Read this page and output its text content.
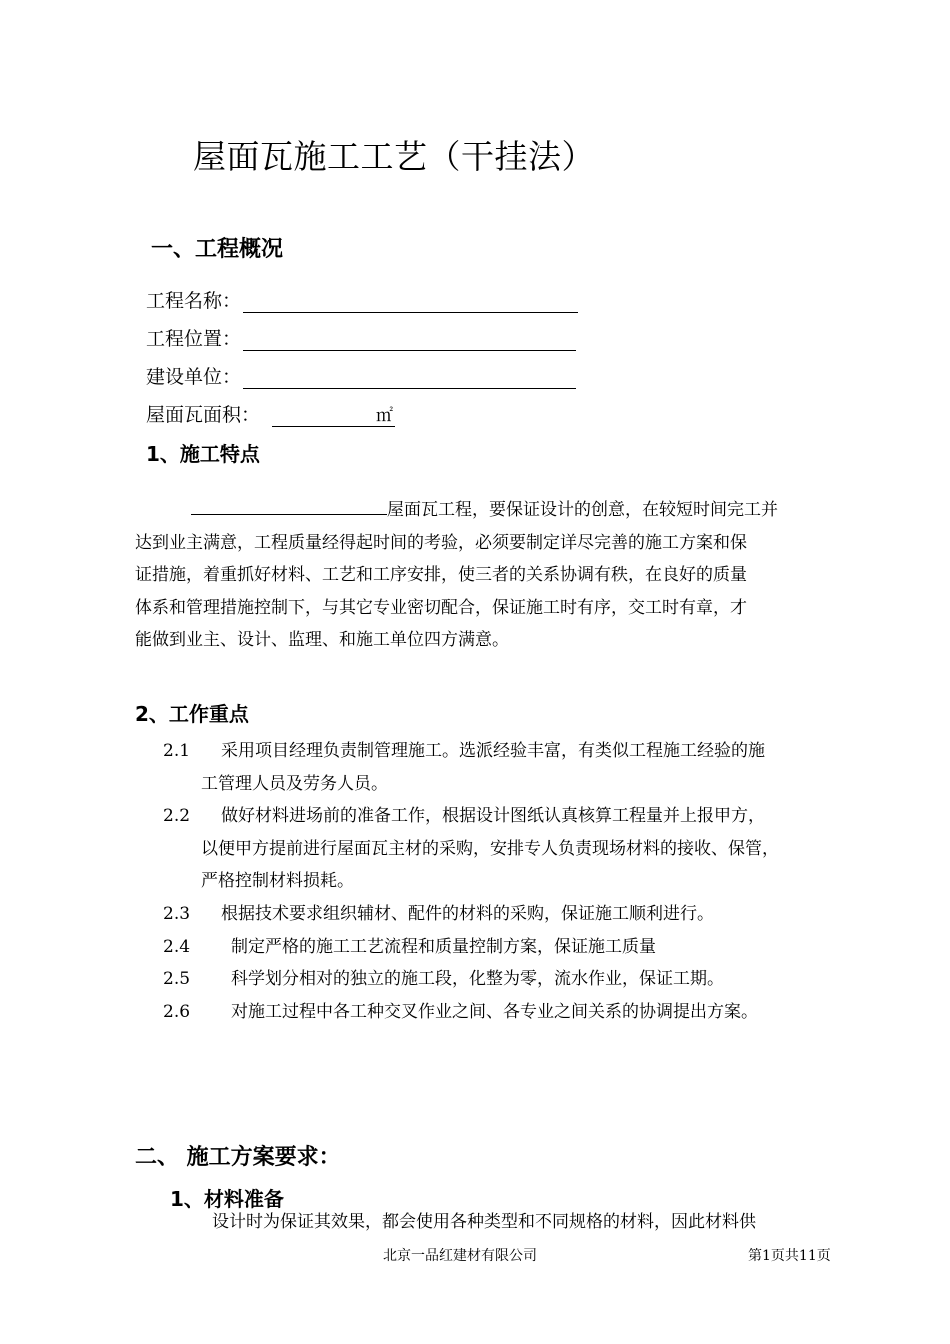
屋面瓦施工工艺（干挂法）
一、工程概况
工程名称：
工程位置：
建设单位：
屋面瓦面积：	㎡
1、施工特点
屋面瓦工程，要保证设计的创意，在较短时间完工并
达到业主满意，工程质量经得起时间的考验，必须要制定详尽完善的施工方案和保
证措施，着重抓好材料、工艺和工序安排，使三者的关系协调有秩，在良好的质量
体系和管理措施控制下，与其它专业密切配合，保证施工时有序，交工时有章，才
能做到业主、设计、监理、和施工单位四方满意。
2、工作重点
2.1 采用项目经理负责制管理施工。选派经验丰富，有类似工程施工经验的施
工管理人员及劳务人员。
2.2 做好材料进场前的准备工作，根据设计图纸认真核算工程量并上报甲方，
以便甲方提前进行屋面瓦主材的采购，安排专人负责现场材料的接收、保管，
严格控制材料损耗。
2.3 根据技术要求组织辅材、配件的材料的采购，保证施工顺利进行。
2.4 制定严格的施工工艺流程和质量控制方案，保证施工质量
2.5 科学划分相对的独立的施工段，化整为零，流水作业，保证工期。
2.6 对施工过程中各工种交叉作业之间、各专业之间关系的协调提出方案。
二、 施工方案要求：
1、材料准备
设计时为保证其效果，都会使用各种类型和不同规格的材料，因此材料供
北京一品红建材有限公司	第1页共11页
